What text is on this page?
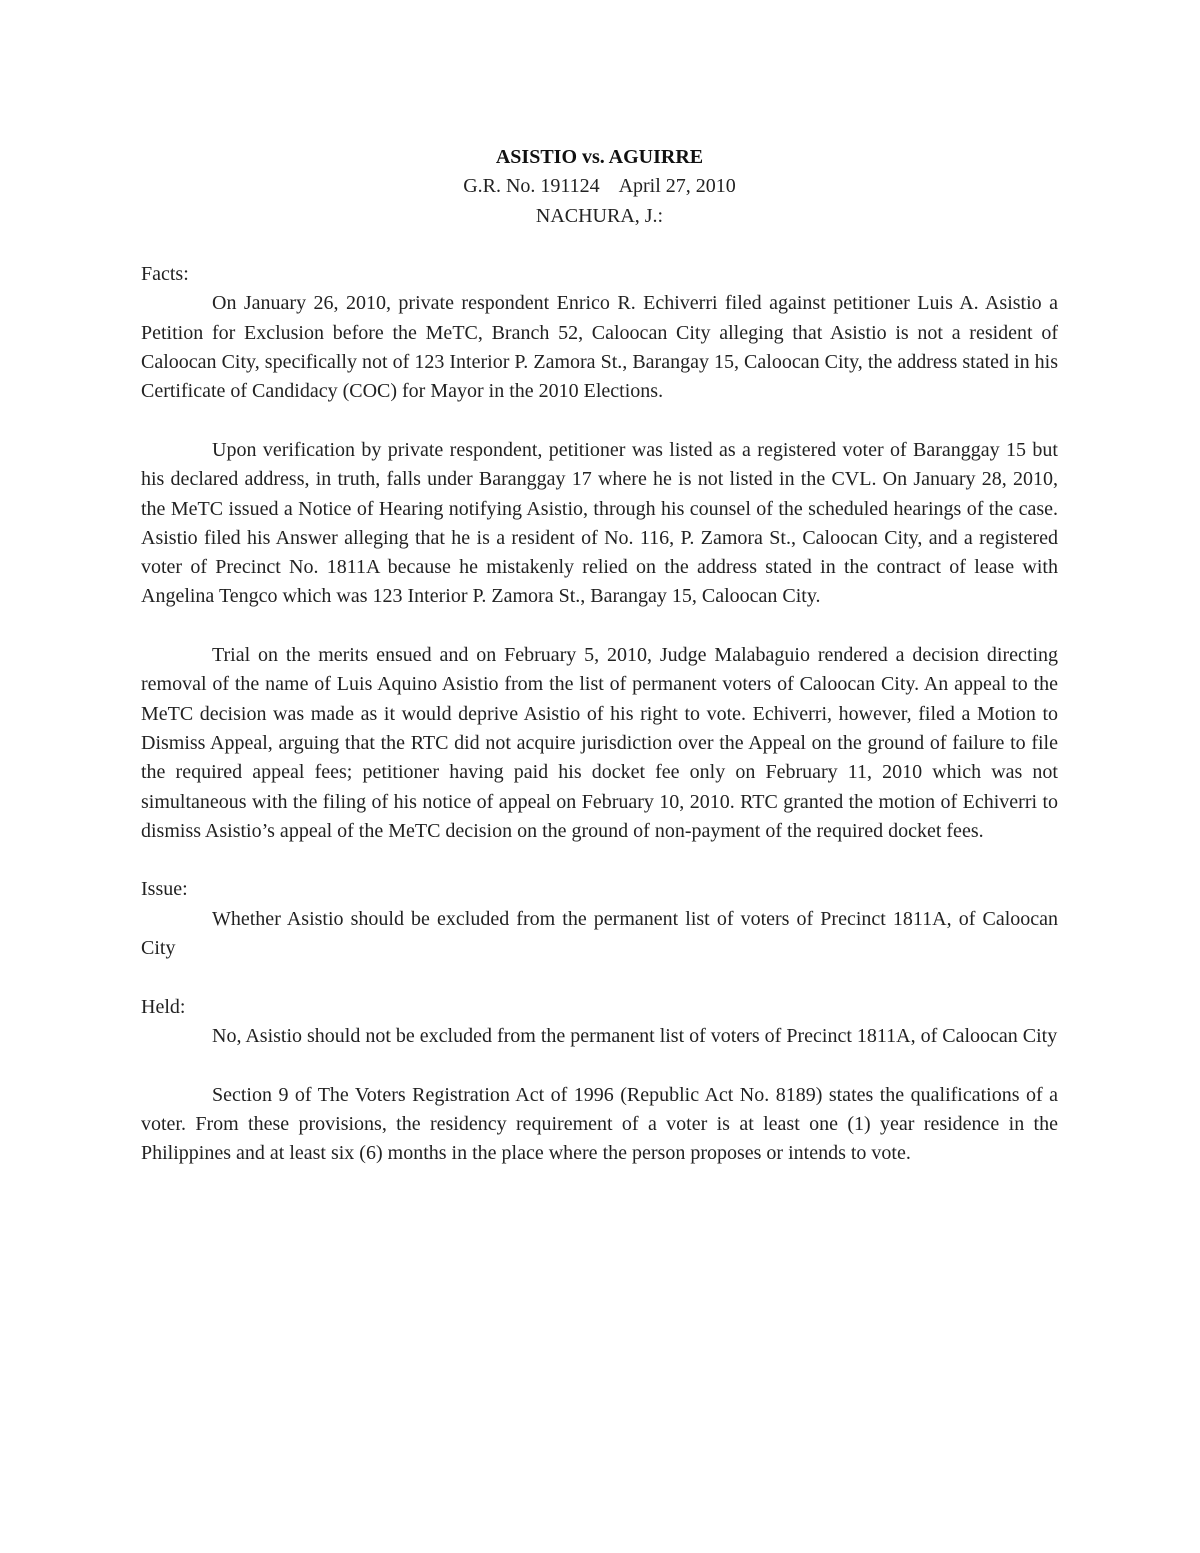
ASISTIO vs. AGUIRRE
G.R. No. 191124    April 27, 2010
NACHURA, J.:

Facts:

On January 26, 2010, private respondent Enrico R. Echiverri filed against petitioner Luis A. Asistio a Petition for Exclusion before the MeTC, Branch 52, Caloocan City alleging that Asistio is not a resident of Caloocan City, specifically not of 123 Interior P. Zamora St., Barangay 15, Caloocan City, the address stated in his Certificate of Candidacy (COC) for Mayor in the 2010 Elections.

Upon verification by private respondent, petitioner was listed as a registered voter of Baranggay 15 but his declared address, in truth, falls under Baranggay 17 where he is not listed in the CVL. On January 28, 2010, the MeTC issued a Notice of Hearing notifying Asistio, through his counsel of the scheduled hearings of the case. Asistio filed his Answer alleging that he is a resident of No. 116, P. Zamora St., Caloocan City, and a registered voter of Precinct No. 1811A because he mistakenly relied on the address stated in the contract of lease with Angelina Tengco which was 123 Interior P. Zamora St., Barangay 15, Caloocan City.

Trial on the merits ensued and on February 5, 2010, Judge Malabaguio rendered a decision directing removal of the name of Luis Aquino Asistio from the list of permanent voters of Caloocan City. An appeal to the MeTC decision was made as it would deprive Asistio of his right to vote. Echiverri, however, filed a Motion to Dismiss Appeal, arguing that the RTC did not acquire jurisdiction over the Appeal on the ground of failure to file the required appeal fees; petitioner having paid his docket fee only on February 11, 2010 which was not simultaneous with the filing of his notice of appeal on February 10, 2010. RTC granted the motion of Echiverri to dismiss Asistio’s appeal of the MeTC decision on the ground of non-payment of the required docket fees.

Issue:

Whether Asistio should be excluded from the permanent list of voters of Precinct 1811A, of Caloocan City

Held:

No, Asistio should not be excluded from the permanent list of voters of Precinct 1811A, of Caloocan City

Section 9 of The Voters Registration Act of 1996 (Republic Act No. 8189) states the qualifications of a voter. From these provisions, the residency requirement of a voter is at least one (1) year residence in the Philippines and at least six (6) months in the place where the person proposes or intends to vote.
